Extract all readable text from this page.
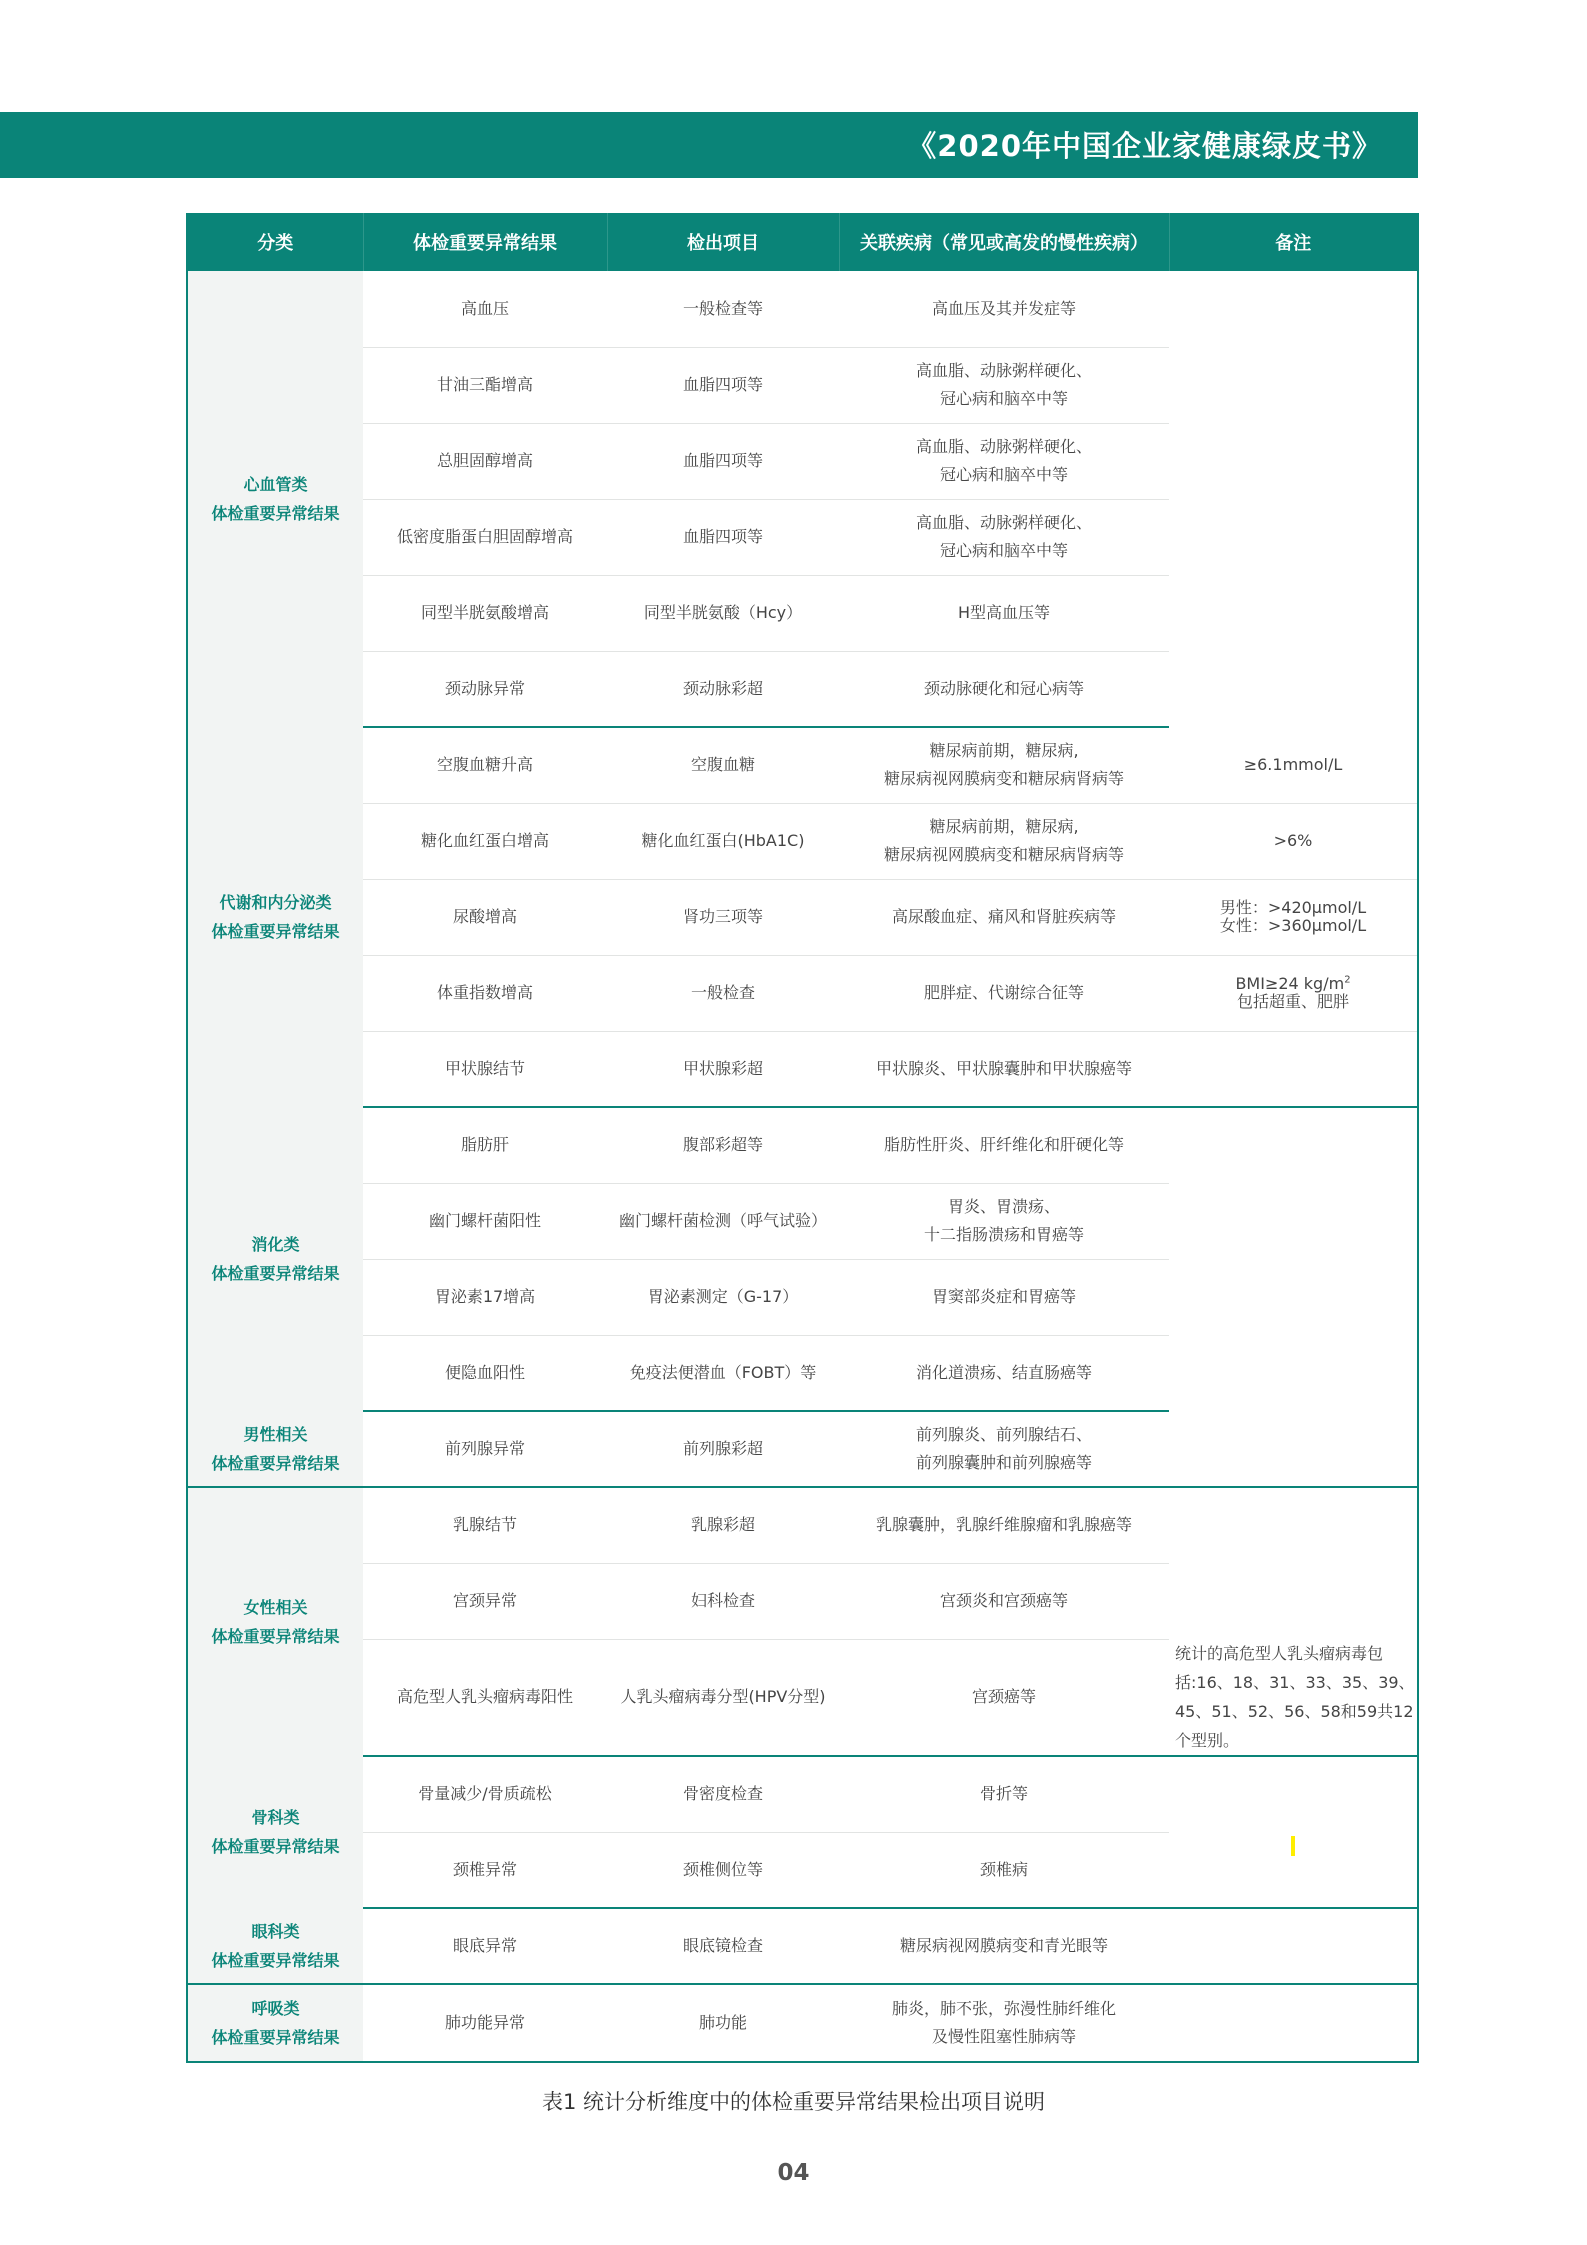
《2020年中国企业家健康绿皮书》
分类	体检重要异常结果	检出项目	关联疾病（常见或高发的慢性疾病）	备注

心血管类
体检重要异常结果	高血压	一般检查等	高血压及其并发症等	

	甘油三酯增高	血脂四项等	高血脂、动脉粥样硬化、
冠心病和脑卒中等	

	总胆固醇增高	血脂四项等	高血脂、动脉粥样硬化、
冠心病和脑卒中等	

	低密度脂蛋白胆固醇增高	血脂四项等	高血脂、动脉粥样硬化、
冠心病和脑卒中等	

	同型半胱氨酸增高	同型半胱氨酸（Hcy）	H型高血压等	

	颈动脉异常	颈动脉彩超	颈动脉硬化和冠心病等	

代谢和内分泌类
体检重要异常结果	空腹血糖升高	空腹血糖	糖尿病前期，糖尿病,
糖尿病视网膜病变和糖尿病肾病等	≥6.1mmol/L

	糖化血红蛋白增高	糖化血红蛋白(HbA1C)	糖尿病前期，糖尿病,
糖尿病视网膜病变和糖尿病肾病等	>6%

	尿酸增高	肾功三项等	高尿酸血症、痛风和肾脏疾病等	男性：>420μmol/L
女性：>360μmol/L

	体重指数增高	一般检查	肥胖症、代谢综合征等	BMI≥24 $kg/m^2$
包括超重、肥胖

	甲状腺结节	甲状腺彩超	甲状腺炎、甲状腺囊肿和甲状腺癌等	

消化类
体检重要异常结果	脂肪肝	腹部彩超等	脂肪性肝炎、肝纤维化和肝硬化等	

	幽门螺杆菌阳性	幽门螺杆菌检测（呼气试验）	胃炎、胃溃疡、
十二指肠溃疡和胃癌等	

	胃泌素17增高	胃泌素测定（G-17）	胃窦部炎症和胃癌等	

	便隐血阳性	免疫法便潜血（FOBT）等	消化道溃疡、结直肠癌等	

男性相关
体检重要异常结果	前列腺异常	前列腺彩超	前列腺炎、前列腺结石、
前列腺囊肿和前列腺癌等	

女性相关
体检重要异常结果	乳腺结节	乳腺彩超	乳腺囊肿，乳腺纤维腺瘤和乳腺癌等	

	宫颈异常	妇科检查	宫颈炎和宫颈癌等	

	高危型人乳头瘤病毒阳性	人乳头瘤病毒分型(HPV分型)	宫颈癌等	统计的高危型人乳头瘤病毒包括:16、18、31、33、35、39、45、51、52、56、58和59共12个型别。

骨科类
体检重要异常结果	骨量减少/骨质疏松	骨密度检查	骨折等	

	颈椎异常	颈椎侧位等	颈椎病	

眼科类
体检重要异常结果	眼底异常	眼底镜检查	糖尿病视网膜病变和青光眼等	

呼吸类
体检重要异常结果	肺功能异常	肺功能	肺炎，肺不张，弥漫性肺纤维化
及慢性阻塞性肺病等	

表1 统计分析维度中的体检重要异常结果检出项目说明
04
